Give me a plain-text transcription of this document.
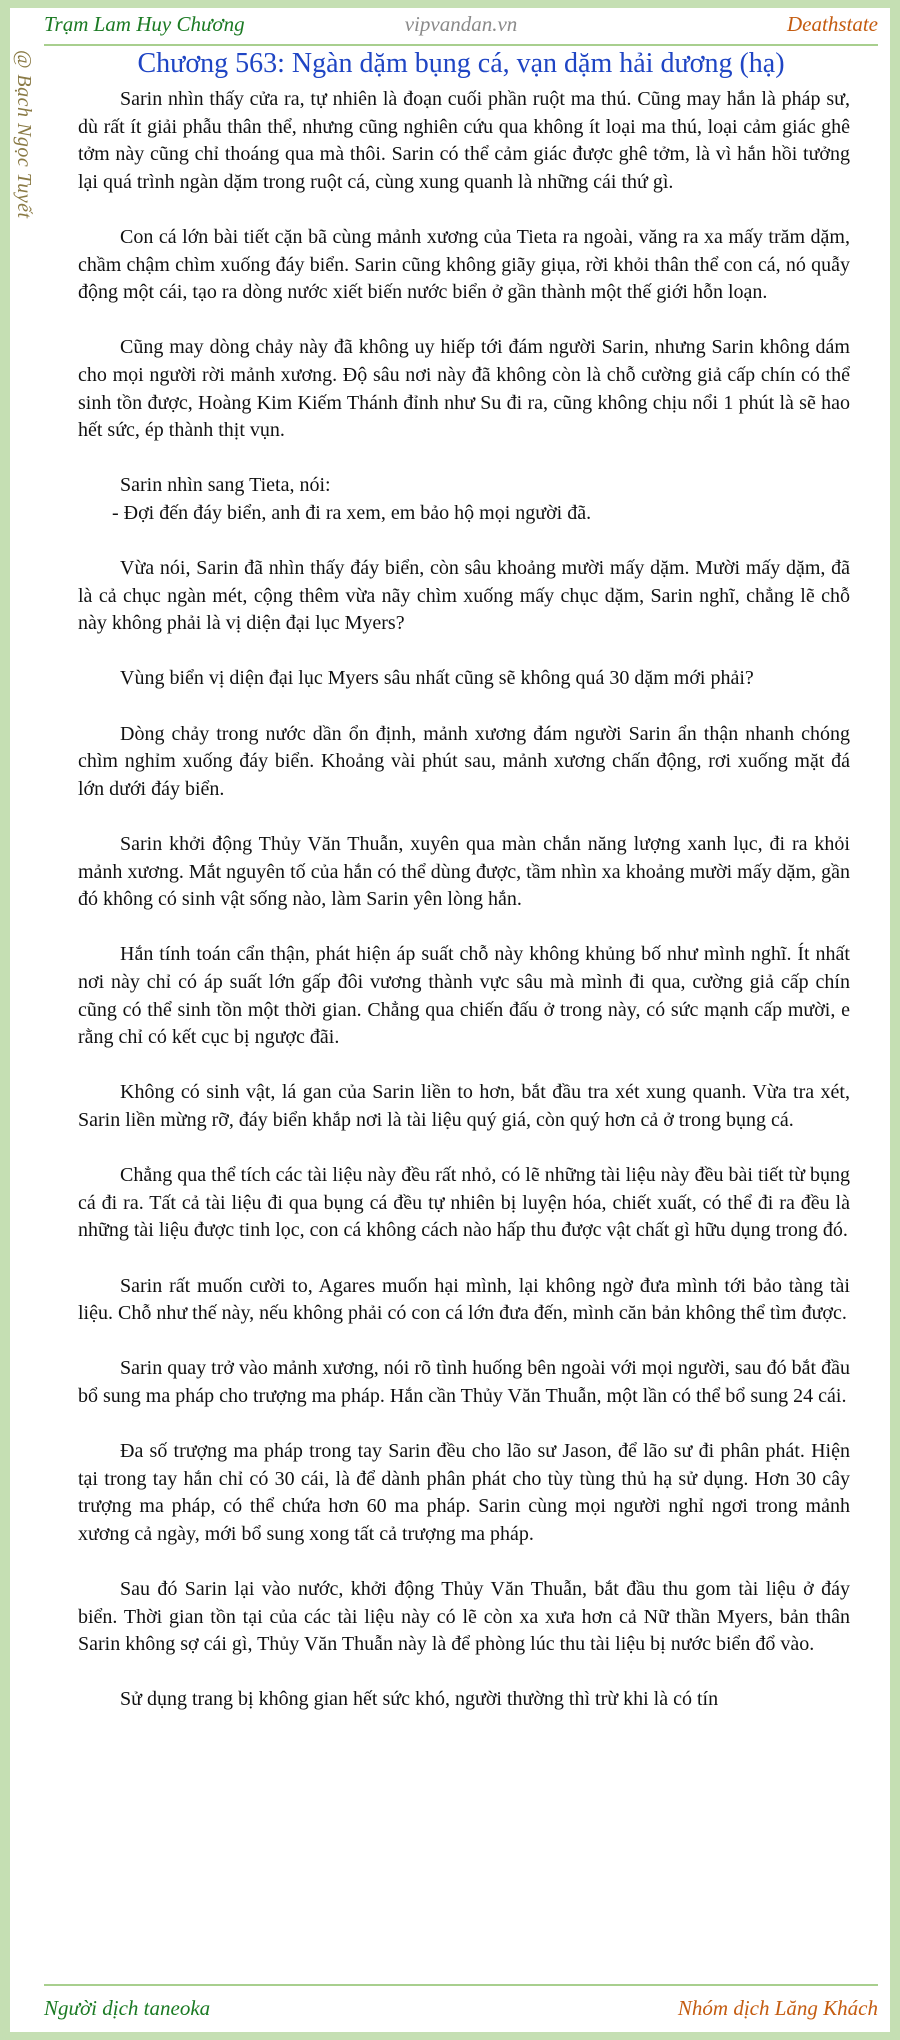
Trạm Lam Huy Chương	vipvandan.vn	Deathstate
@ Bạch Ngọc Tuyết	Chương 563: Ngàn dặm bụng cá, vạn dặm hải dương (hạ)

Sarin nhìn thấy cửa ra, tự nhiên là đoạn cuối phần ruột ma thú. Cũng may hắn là pháp sư, dù rất ít giải phẫu thân thể, nhưng cũng nghiên cứu qua không ít loại ma thú, loại cảm giác ghê tởm này cũng chỉ thoáng qua mà thôi. Sarin có thể cảm giác được ghê tởm, là vì hắn hồi tưởng lại quá trình ngàn dặm trong ruột cá, cùng xung quanh là những cái thứ gì.

Con cá lớn bài tiết cặn bã cùng mảnh xương của Tieta ra ngoài, văng ra xa mấy trăm dặm, chầm chậm chìm xuống đáy biển. Sarin cũng không giãy giụa, rời khỏi thân thể con cá, nó quẫy động một cái, tạo ra dòng nước xiết biến nước biển ở gần thành một thế giới hỗn loạn.

Cũng may dòng chảy này đã không uy hiếp tới đám người Sarin, nhưng Sarin không dám cho mọi người rời mảnh xương. Độ sâu nơi này đã không còn là chỗ cường giả cấp chín có thể sinh tồn được, Hoàng Kim Kiếm Thánh đỉnh như Su đi ra, cũng không chịu nổi 1 phút là sẽ hao hết sức, ép thành thịt vụn.

Sarin nhìn sang Tieta, nói:
- Đợi đến đáy biển, anh đi ra xem, em bảo hộ mọi người đã.

Vừa nói, Sarin đã nhìn thấy đáy biển, còn sâu khoảng mười mấy dặm. Mười mấy dặm, đã là cả chục ngàn mét, cộng thêm vừa nãy chìm xuống mấy chục dặm, Sarin nghĩ, chẳng lẽ chỗ này không phải là vị diện đại lục Myers?

Vùng biển vị diện đại lục Myers sâu nhất cũng sẽ không quá 30 dặm mới phải?

Dòng chảy trong nước dần ổn định, mảnh xương đám người Sarin ẩn thận nhanh chóng chìm nghỉm xuống đáy biển. Khoảng vài phút sau, mảnh xương chấn động, rơi xuống mặt đá lớn dưới đáy biển.

Sarin khởi động Thủy Văn Thuẫn, xuyên qua màn chắn năng lượng xanh lục, đi ra khỏi mảnh xương. Mắt nguyên tố của hắn có thể dùng được, tầm nhìn xa khoảng mười mấy dặm, gần đó không có sinh vật sống nào, làm Sarin yên lòng hắn.

Hắn tính toán cẩn thận, phát hiện áp suất chỗ này không khủng bố như mình nghĩ. Ít nhất nơi này chỉ có áp suất lớn gấp đôi vương thành vực sâu mà mình đi qua, cường giả cấp chín cũng có thể sinh tồn một thời gian. Chẳng qua chiến đấu ở trong này, có sức mạnh cấp mười, e rằng chỉ có kết cục bị ngược đãi.

Không có sinh vật, lá gan của Sarin liền to hơn, bắt đầu tra xét xung quanh. Vừa tra xét, Sarin liền mừng rỡ, đáy biển khắp nơi là tài liệu quý giá, còn quý hơn cả ở trong bụng cá.

Chẳng qua thể tích các tài liệu này đều rất nhỏ, có lẽ những tài liệu này đều bài tiết từ bụng cá đi ra. Tất cả tài liệu đi qua bụng cá đều tự nhiên bị luyện hóa, chiết xuất, có thể đi ra đều là những tài liệu được tinh lọc, con cá không cách nào hấp thu được vật chất gì hữu dụng trong đó.

Sarin rất muốn cười to, Agares muốn hại mình, lại không ngờ đưa mình tới bảo tàng tài liệu. Chỗ như thế này, nếu không phải có con cá lớn đưa đến, mình căn bản không thể tìm được.

Sarin quay trở vào mảnh xương, nói rõ tình huống bên ngoài với mọi người, sau đó bắt đầu bổ sung ma pháp cho trượng ma pháp. Hắn cần Thủy Văn Thuẫn, một lần có thể bổ sung 24 cái.

Đa số trượng ma pháp trong tay Sarin đều cho lão sư Jason, để lão sư đi phân phát. Hiện tại trong tay hắn chỉ có 30 cái, là để dành phân phát cho tùy tùng thủ hạ sử dụng. Hơn 30 cây trượng ma pháp, có thể chứa hơn 60 ma pháp. Sarin cùng mọi người nghỉ ngơi trong mảnh xương cả ngày, mới bổ sung xong tất cả trượng ma pháp.

Sau đó Sarin lại vào nước, khởi động Thủy Văn Thuẫn, bắt đầu thu gom tài liệu ở đáy biển. Thời gian tồn tại của các tài liệu này có lẽ còn xa xưa hơn cả Nữ thần Myers, bản thân Sarin không sợ cái gì, Thủy Văn Thuẫn này là để phòng lúc thu tài liệu bị nước biển đổ vào.

Sử dụng trang bị không gian hết sức khó, người thường thì trừ khi là có tín

Người dịch taneoka	Nhóm dịch Lăng Khách
